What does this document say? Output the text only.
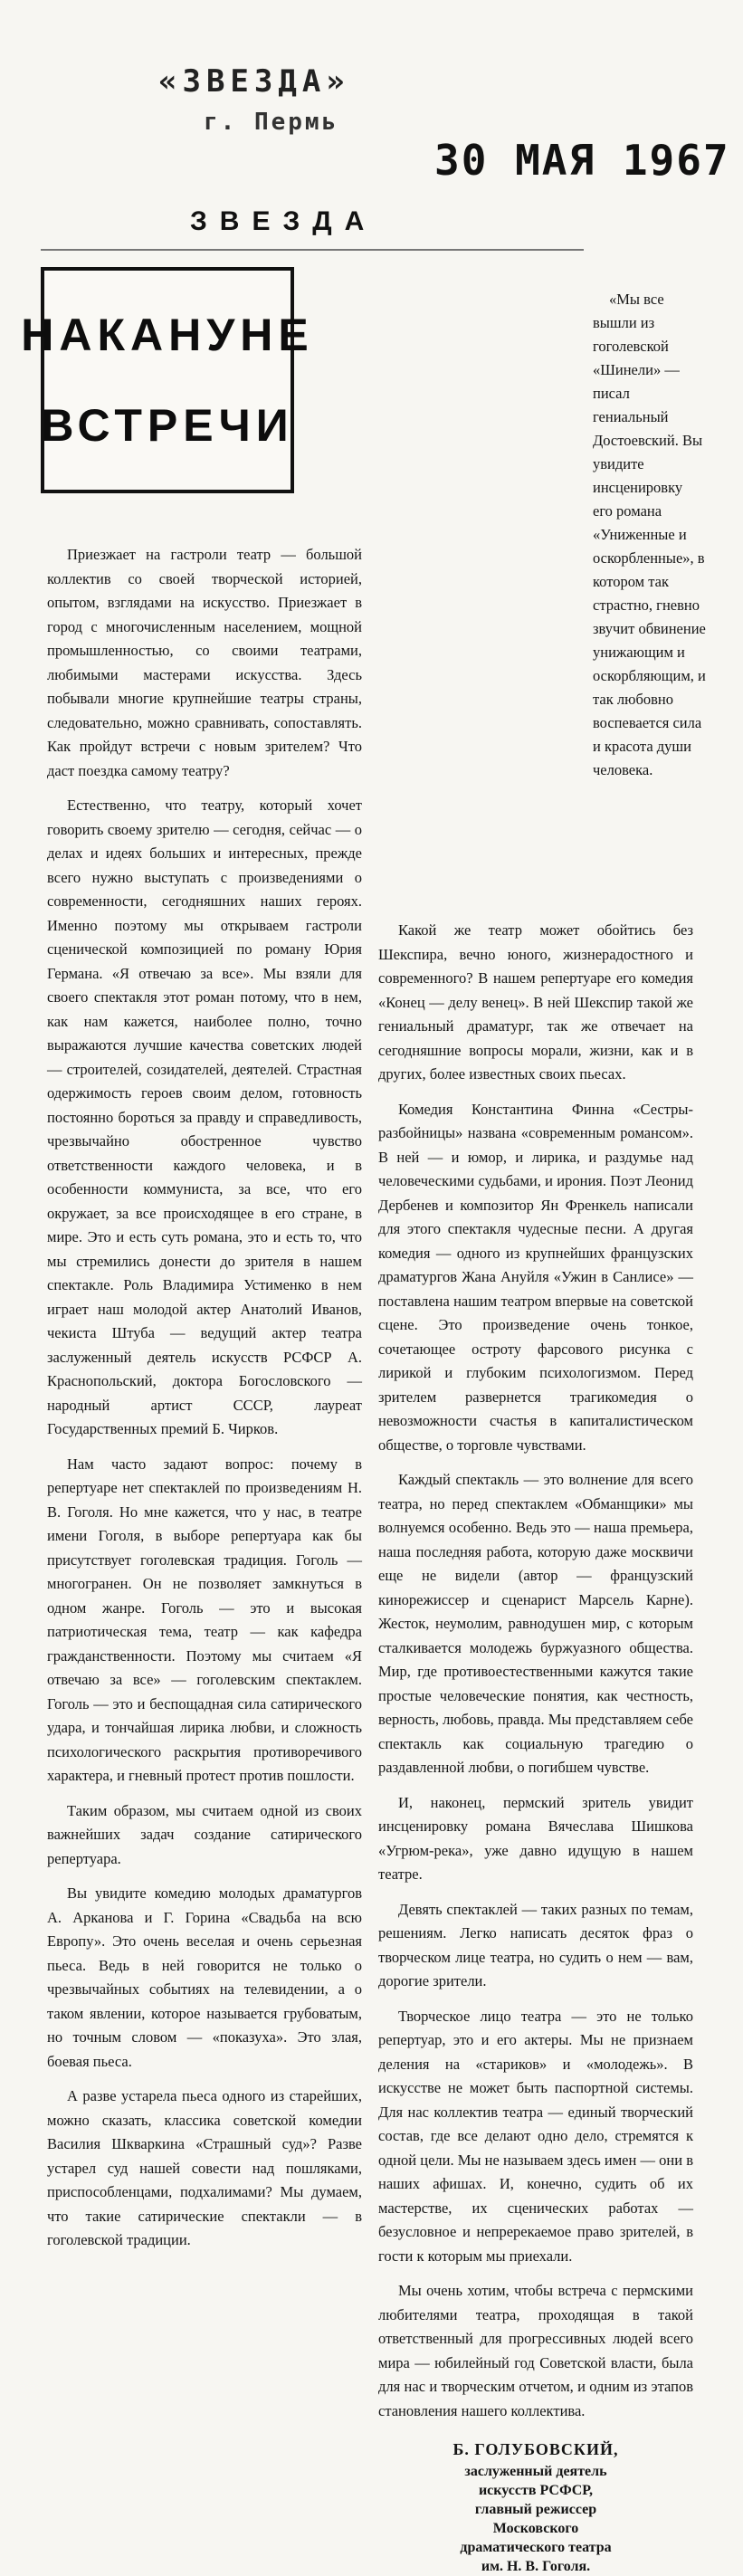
«ЗВЕЗДА»
г. Пермь
30 МАЯ 1967
ЗВЕЗДА
НАКАНУНЕ
ВСТРЕЧИ

«Мы все вышли из гоголевской «Шинели» — писал гениальный Достоевский. Вы увидите инсценировку его романа «Униженные и оскорбленные», в котором так страстно, гневно звучит обвинение унижающим и оскорбляющим, и так любовно воспевается сила и красота души человека.

Приезжает на гастроли театр — большой коллектив со своей творческой историей, опытом, взглядами на искусство. Приезжает в город с многочисленным населением, мощной промышленностью, со своими театрами, любимыми мастерами искусства. Здесь побывали многие крупнейшие театры страны, следовательно, можно сравнивать, сопоставлять. Как пройдут встречи с новым зрителем? Что даст поездка самому театру?

Естественно, что театру, который хочет говорить своему зрителю — сегодня, сейчас — о делах и идеях больших и интересных, прежде всего нужно выступать с произведениями о современности, сегодняшних наших героях. Именно поэтому мы открываем гастроли сценической композицией по роману Юрия Германа. «Я отвечаю за все». Мы взяли для своего спектакля этот роман потому, что в нем, как нам кажется, наиболее полно, точно выражаются лучшие качества советских людей — строителей, созидателей, деятелей. Страстная одержимость героев своим делом, готовность постоянно бороться за правду и справедливость, чрезвычайно обостренное чувство ответственности каждого человека, и в особенности коммуниста, за все, что его окружает, за все происходящее в его стране, в мире. Это и есть суть романа, это и есть то, что мы стремились донести до зрителя в нашем спектакле. Роль Владимира Устименко в нем играет наш молодой актер Анатолий Иванов, чекиста Штуба — ведущий актер театра заслуженный деятель искусств РСФСР А. Краснопольский, доктора Богословского — народный артист СССР, лауреат Государственных премий Б. Чирков.

Нам часто задают вопрос: почему в репертуаре нет спектаклей по произведениям Н. В. Гоголя. Но мне кажется, что у нас, в театре имени Гоголя, в выборе репертуара как бы присутствует гоголевская традиция. Гоголь — многогранен. Он не позволяет замкнуться в одном жанре. Гоголь — это и высокая патриотическая тема, театр — как кафедра гражданственности. Поэтому мы считаем «Я отвечаю за все» — гоголевским спектаклем. Гоголь — это и беспощадная сила сатирического удара, и тончайшая лирика любви, и сложность психологического раскрытия противоречивого характера, и гневный протест против пошлости.

Таким образом, мы считаем одной из своих важнейших задач создание сатирического репертуара.

Вы увидите комедию молодых драматургов А. Арканова и Г. Горина «Свадьба на всю Европу». Это очень веселая и очень серьезная пьеса. Ведь в ней говорится не только о чрезвычайных событиях на телевидении, а о таком явлении, которое называется грубоватым, но точным словом — «показуха». Это злая, боевая пьеса.

А разве устарела пьеса одного из старейших, можно сказать, классика советской комедии Василия Шкваркина «Страшный суд»? Разве устарел суд нашей совести над пошляками, приспособленцами, подхалимами? Мы думаем, что такие сатирические спектакли — в гоголевской традиции.

Какой же театр может обойтись без Шекспира, вечно юного, жизнерадостного и современного? В нашем репертуаре его комедия «Конец — делу венец». В ней Шекспир такой же гениальный драматург, так же отвечает на сегодняшние вопросы морали, жизни, как и в других, более известных своих пьесах.

Комедия Константина Финна «Сестры-разбойницы» названа «современным романсом». В ней — и юмор, и лирика, и раздумье над человеческими судьбами, и ирония. Поэт Леонид Дербенев и композитор Ян Френкель написали для этого спектакля чудесные песни. А другая комедия — одного из крупнейших французских драматургов Жана Ануйля «Ужин в Санлисе» — поставлена нашим театром впервые на советской сцене. Это произведение очень тонкое, сочетающее остроту фарсового рисунка с лирикой и глубоким психологизмом. Перед зрителем развернется трагикомедия о невозможности счастья в капиталистическом обществе, о торговле чувствами.

Каждый спектакль — это волнение для всего театра, но перед спектаклем «Обманщики» мы волнуемся особенно. Ведь это — наша премьера, наша последняя работа, которую даже москвичи еще не видели (автор — французский кинорежиссер и сценарист Марсель Карне). Жесток, неумолим, равнодушен мир, с которым сталкивается молодежь буржуазного общества. Мир, где противоестественными кажутся такие простые человеческие понятия, как честность, верность, любовь, правда. Мы представляем себе спектакль как социальную трагедию о раздавленной любви, о погибшем чувстве.

И, наконец, пермский зритель увидит инсценировку романа Вячеслава Шишкова «Угрюм-река», уже давно идущую в нашем театре.

Девять спектаклей — таких разных по темам, решениям. Легко написать десяток фраз о творческом лице театра, но судить о нем — вам, дорогие зрители.

Творческое лицо театра — это не только репертуар, это и его актеры. Мы не признаем деления на «стариков» и «молодежь». В искусстве не может быть паспортной системы. Для нас коллектив театра — единый творческий состав, где все делают одно дело, стремятся к одной цели. Мы не называем здесь имен — они в наших афишах. И, конечно, судить об их мастерстве, их сценических работах — безусловное и непререкаемое право зрителей, в гости к которым мы приехали.

Мы очень хотим, чтобы встреча с пермскими любителями театра, проходящая в такой ответственный для прогрессивных людей всего мира — юбилейный год Советской власти, была для нас и творческим отчетом, и одним из этапов становления нашего коллектива.

Б. ГОЛУБОВСКИЙ,
заслуженный деятель
искусств РСФСР,
главный режиссер
Московского
драматического театра
им. Н. В. Гоголя.
